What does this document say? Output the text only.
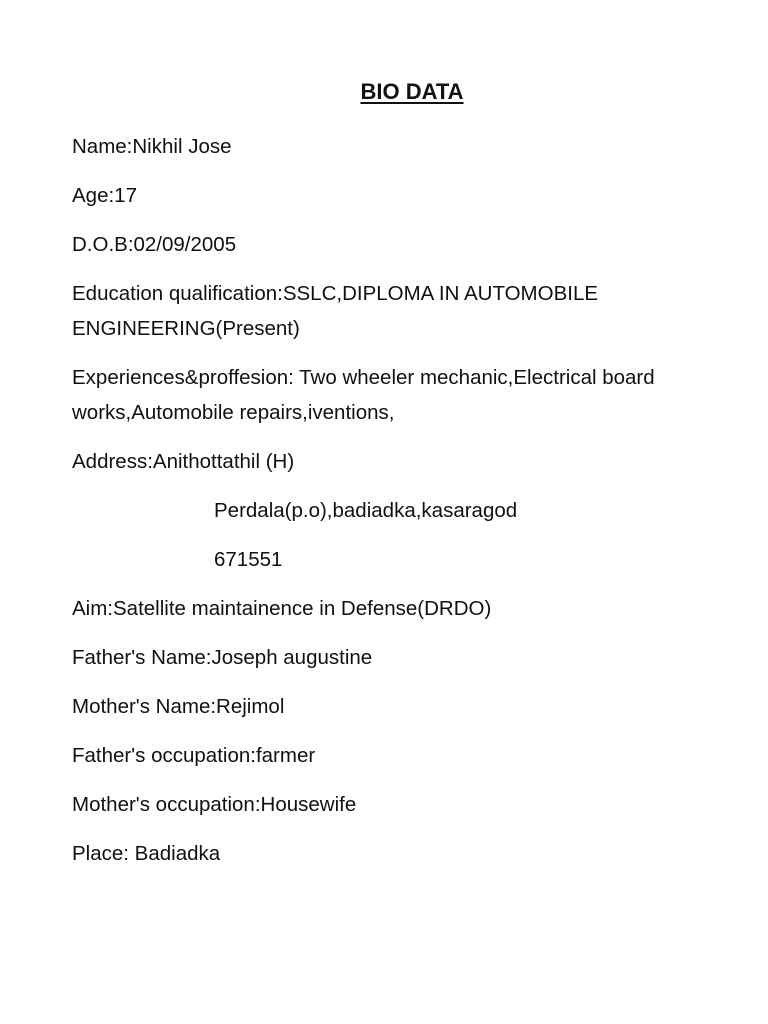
BIO DATA

Name:Nikhil Jose

Age:17

D.O.B:02/09/2005

Education qualification:SSLC,DIPLOMA IN AUTOMOBILE ENGINEERING(Present)

Experiences&proffesion: Two wheeler mechanic,Electrical board works,Automobile repairs,iventions,

Address:Anithottathil (H)

Perdala(p.o),badiadka,kasaragod

671551

Aim:Satellite maintainence in Defense(DRDO)

Father's Name:Joseph augustine

Mother's Name:Rejimol

Father's occupation:farmer

Mother's occupation:Housewife

Place: Badiadka
